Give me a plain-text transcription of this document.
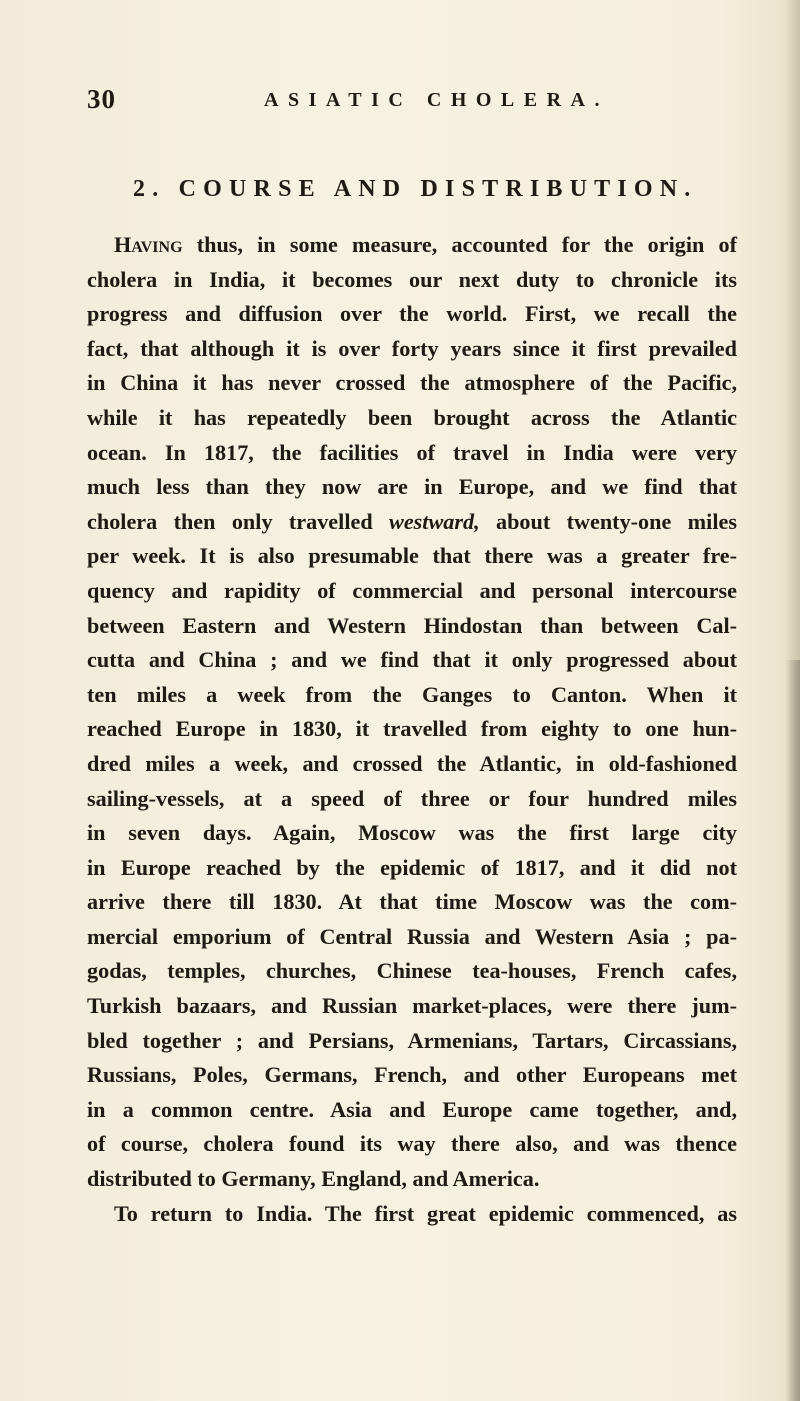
30	ASIATIC CHOLERA.
2. COURSE AND DISTRIBUTION.
Having thus, in some measure, accounted for the origin of
cholera in India, it becomes our next duty to chronicle its
progress and diffusion over the world. First, we recall the
fact, that although it is over forty years since it first prevailed
in China it has never crossed the atmosphere of the Pacific,
while it has repeatedly been brought across the Atlantic
ocean. In 1817, the facilities of travel in India were very
much less than they now are in Europe, and we find that
cholera then only travelled westward, about twenty-one miles
per week. It is also presumable that there was a greater fre-
quency and rapidity of commercial and personal intercourse
between Eastern and Western Hindostan than between Cal-
cutta and China ; and we find that it only progressed about
ten miles a week from the Ganges to Canton. When it
reached Europe in 1830, it travelled from eighty to one hun-
dred miles a week, and crossed the Atlantic, in old-fashioned
sailing-vessels, at a speed of three or four hundred miles
in seven days. Again, Moscow was the first large city
in Europe reached by the epidemic of 1817, and it did not
arrive there till 1830. At that time Moscow was the com-
mercial emporium of Central Russia and Western Asia ; pa-
godas, temples, churches, Chinese tea-houses, French cafes,
Turkish bazaars, and Russian market-places, were there jum-
bled together ; and Persians, Armenians, Tartars, Circassians,
Russians, Poles, Germans, French, and other Europeans met
in a common centre. Asia and Europe came together, and,
of course, cholera found its way there also, and was thence
distributed to Germany, England, and America.
To return to India. The first great epidemic commenced, as
